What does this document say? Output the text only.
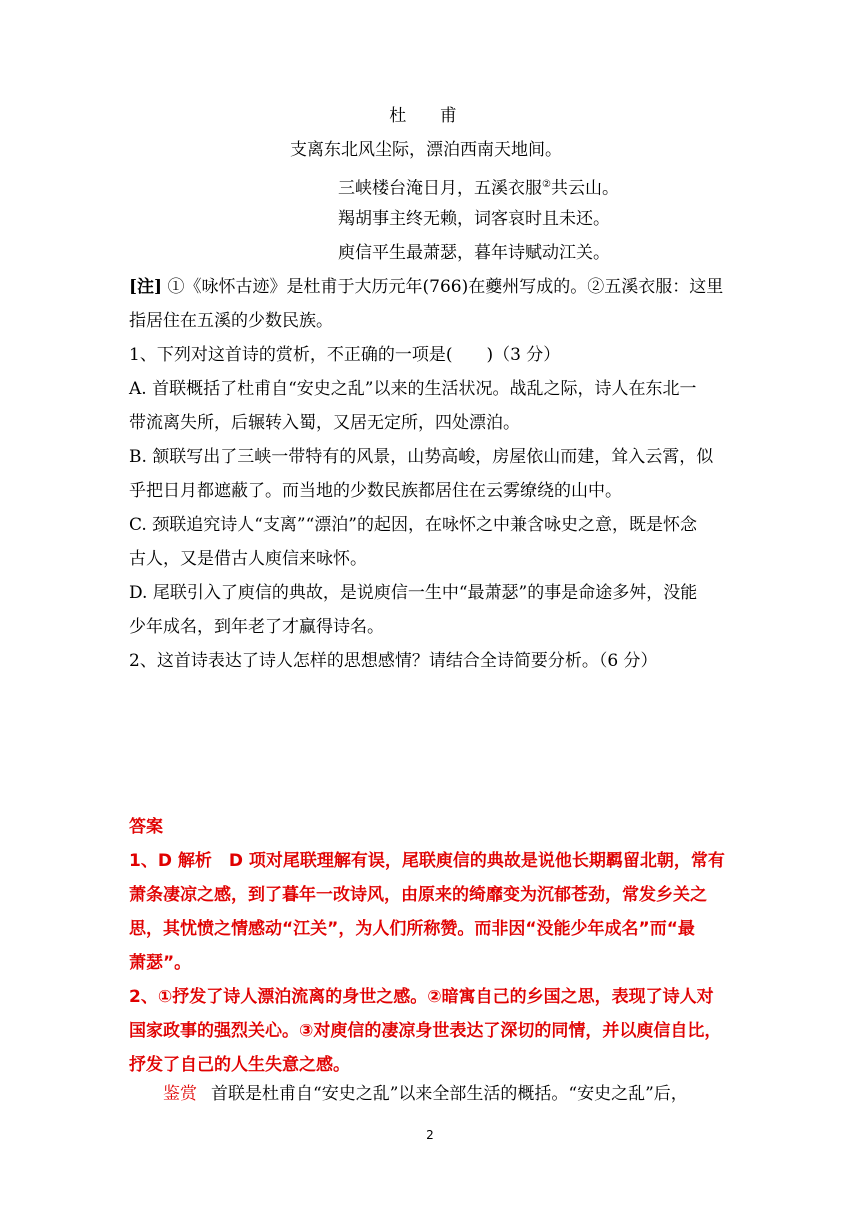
杜 甫
支离东北风尘际，漂泊西南天地间。
三峡楼台淹日月，五溪衣服②共云山。
羯胡事主终无赖，词客哀时且未还。
庾信平生最萧瑟，暮年诗赋动江关。
[注] ①《咏怀古迹》是杜甫于大历元年(766)在夔州写成的。②五溪衣服：这里
指居住在五溪的少数民族。
1、下列对这首诗的赏析，不正确的一项是(　　)（3 分）
A. 首联概括了杜甫自“安史之乱”以来的生活状况。战乱之际，诗人在东北一
带流离失所，后辗转入蜀，又居无定所，四处漂泊。
B. 颔联写出了三峡一带特有的风景，山势高峻，房屋依山而建，耸入云霄，似
乎把日月都遮蔽了。而当地的少数民族都居住在云雾缭绕的山中。
C. 颈联追究诗人“支离”“漂泊”的起因，在咏怀之中兼含咏史之意，既是怀念
古人，又是借古人庾信来咏怀。
D. 尾联引入了庾信的典故，是说庾信一生中“最萧瑟”的事是命途多舛，没能
少年成名，到年老了才赢得诗名。
2、这首诗表达了诗人怎样的思想感情？请结合全诗简要分析。（6 分）
答案
1、D 解析　D 项对尾联理解有误，尾联庾信的典故是说他长期羁留北朝，常有
萧条凄凉之感，到了暮年一改诗风，由原来的绮靡变为沉郁苍劲，常发乡关之
思，其忧愤之情感动“江关”，为人们所称赞。而非因“没能少年成名”而“最
萧瑟”。
2、①抒发了诗人漂泊流离的身世之感。②暗寓自己的乡国之思，表现了诗人对
国家政事的强烈关心。③对庾信的凄凉身世表达了深切的同情，并以庾信自比，
抒发了自己的人生失意之感。
鉴赏 首联是杜甫自“安史之乱”以来全部生活的概括。“安史之乱”后，
2
